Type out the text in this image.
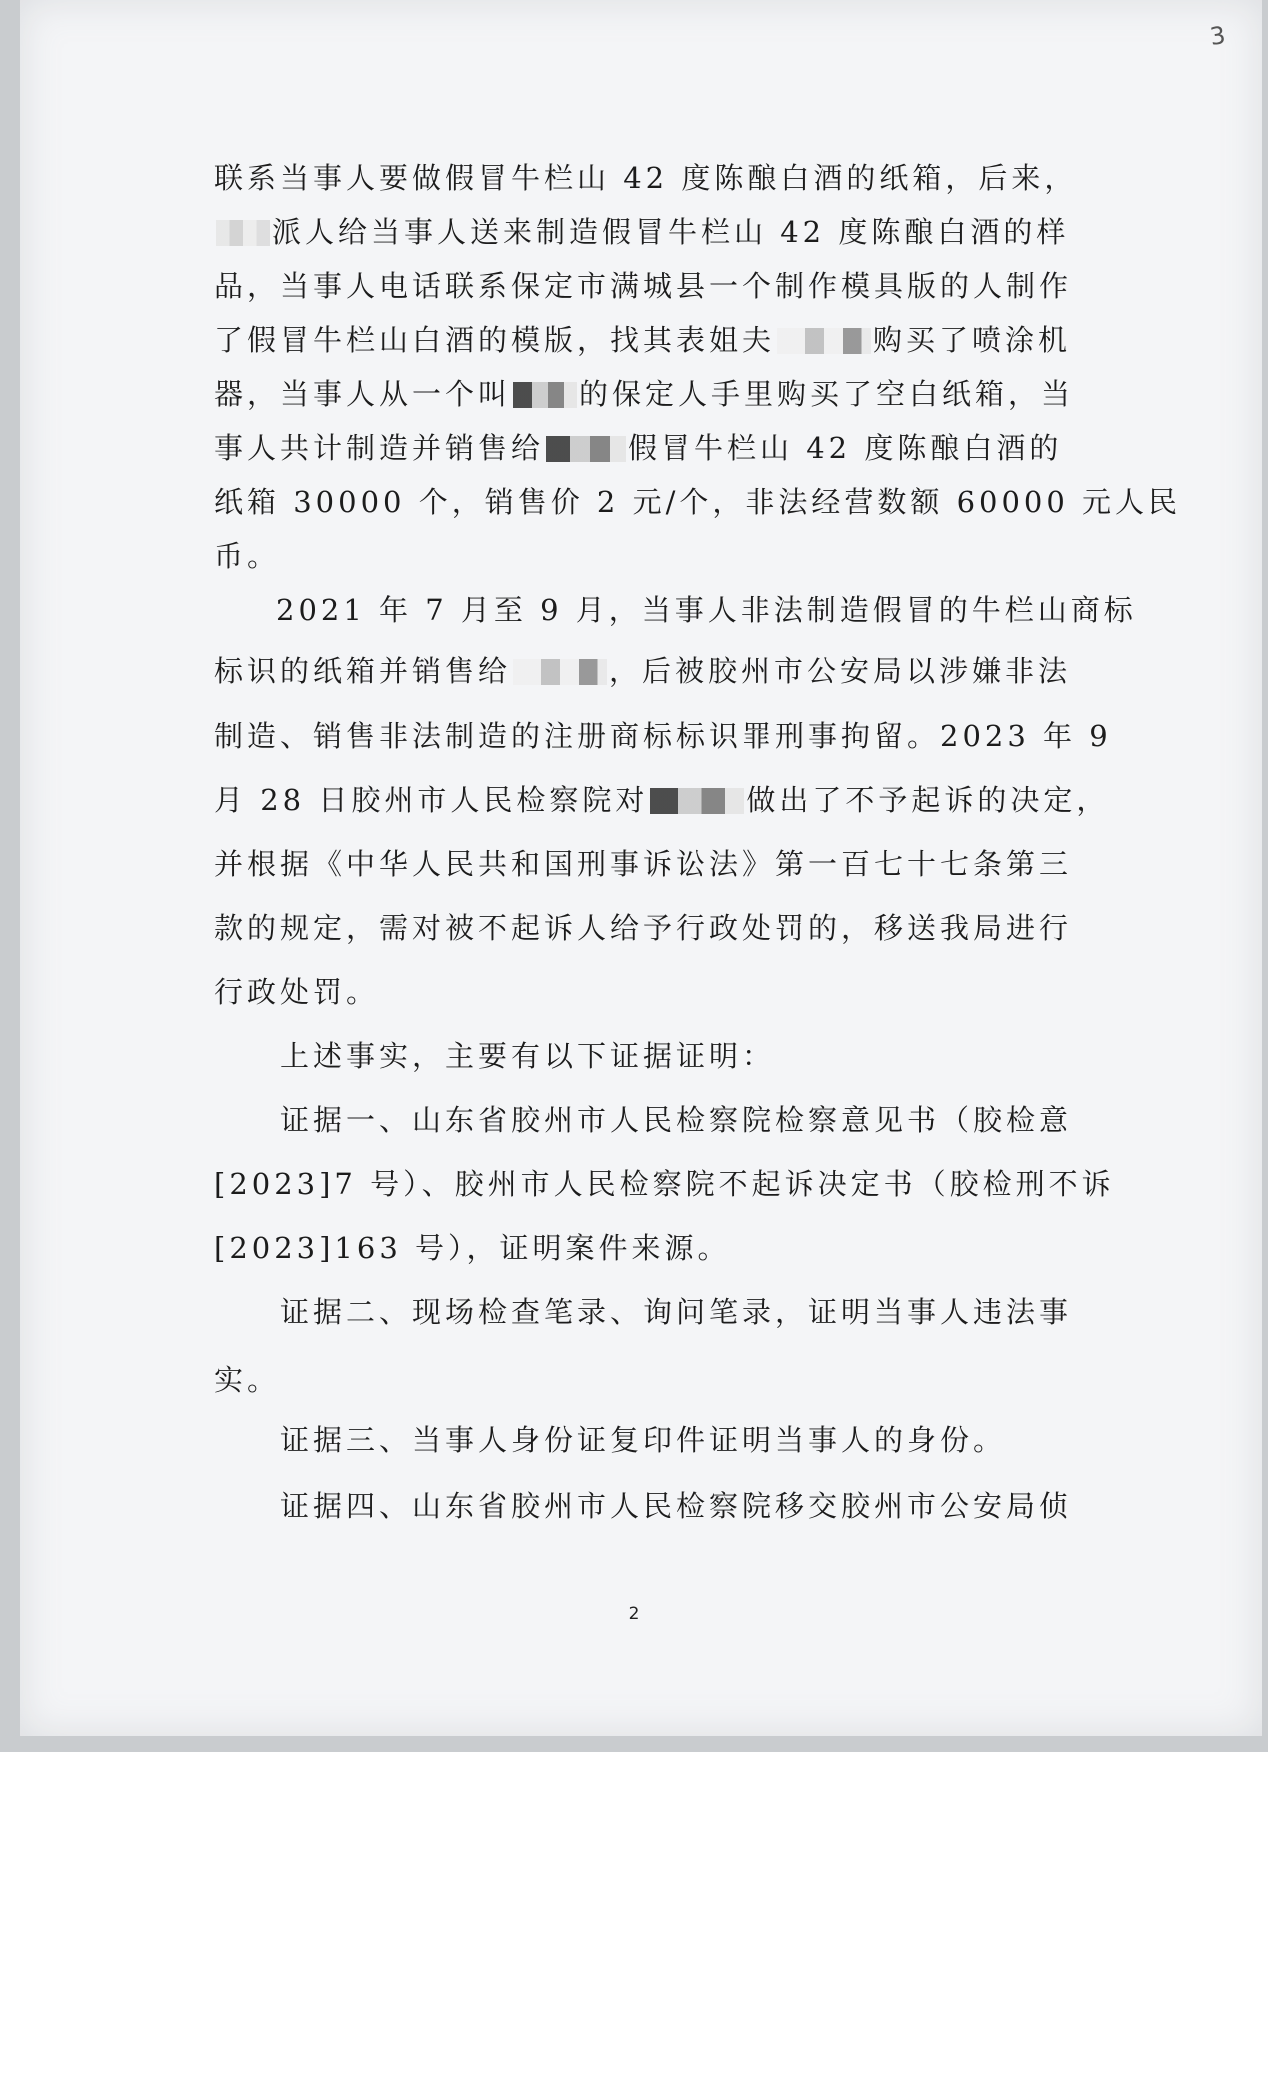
3
联系当事人要做假冒牛栏山 42 度陈酿白酒的纸箱，后来，
派人给当事人送来制造假冒牛栏山 42 度陈酿白酒的样
品，当事人电话联系保定市满城县一个制作模具版的人制作
了假冒牛栏山白酒的模版，找其表姐夫	购买了喷涂机
器，当事人从一个叫 的保定人手里购买了空白纸箱，当
事人共计制造并销售给	假冒牛栏山 42 度陈酿白酒的
纸箱 30000 个，销售价 2 元/个，非法经营数额 60000 元人民
币。
2021 年 7 月至 9 月，当事人非法制造假冒的牛栏山商标
标识的纸箱并销售给	，后被胶州市公安局以涉嫌非法
制造、销售非法制造的注册商标标识罪刑事拘留。2023 年 9
月 28 日胶州市人民检察院对	做出了不予起诉的决定，
并根据《中华人民共和国刑事诉讼法》第一百七十七条第三
款的规定，需对被不起诉人给予行政处罚的，移送我局进行
行政处罚。
上述事实，主要有以下证据证明：
证据一、山东省胶州市人民检察院检察意见书（胶检意
[2023]7 号）、胶州市人民检察院不起诉决定书（胶检刑不诉
[2023]163 号），证明案件来源。
证据二、现场检查笔录、询问笔录，证明当事人违法事
实。
证据三、当事人身份证复印件证明当事人的身份。
证据四、山东省胶州市人民检察院移交胶州市公安局侦
2
